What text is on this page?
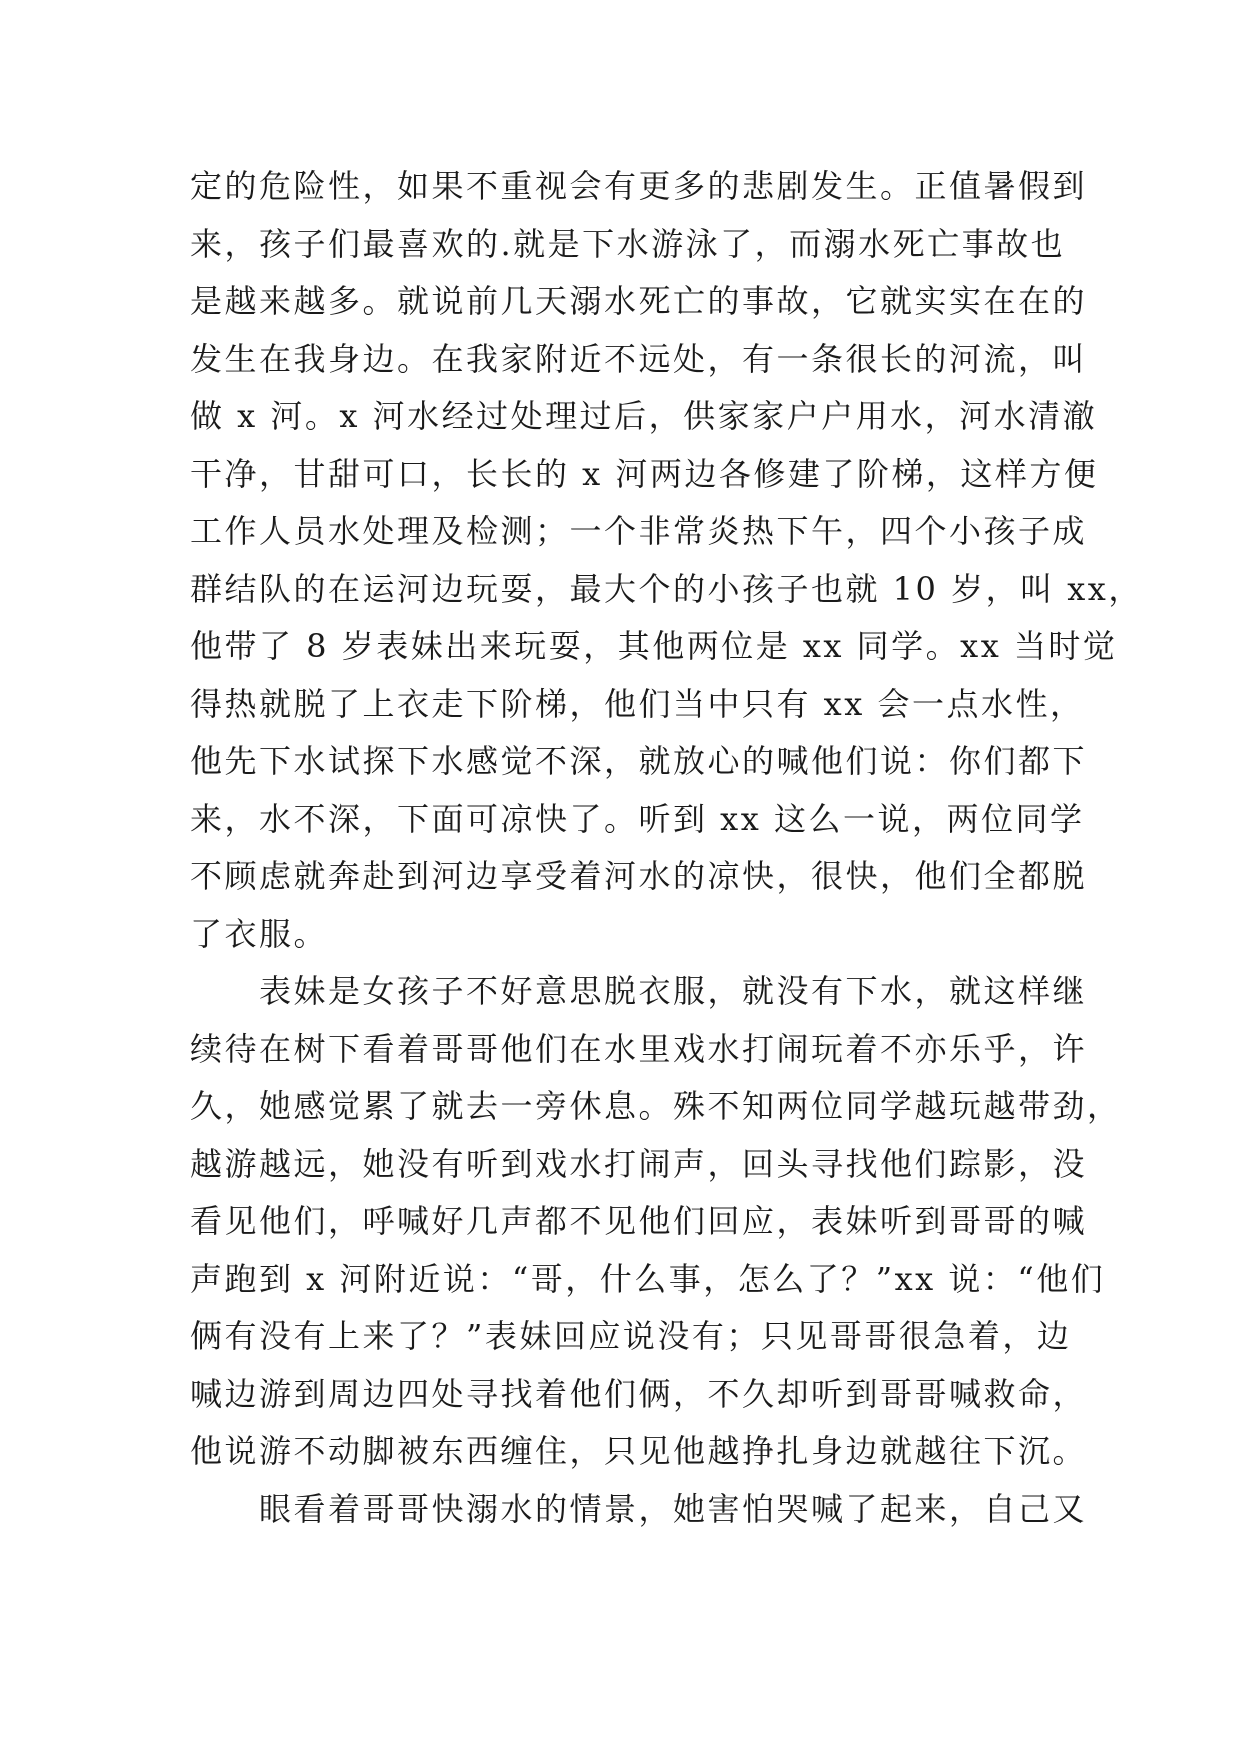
定的危险性，如果不重视会有更多的悲剧发生。正值暑假到
来，孩子们最喜欢的.就是下水游泳了，而溺水死亡事故也
是越来越多。就说前几天溺水死亡的事故，它就实实在在的
发生在我身边。在我家附近不远处，有一条很长的河流，叫
做 x 河。x 河水经过处理过后，供家家户户用水，河水清澈
干净，甘甜可口，长长的 x 河两边各修建了阶梯，这样方便
工作人员水处理及检测；一个非常炎热下午，四个小孩子成
群结队的在运河边玩耍，最大个的小孩子也就 10 岁，叫 xx，
他带了 8 岁表妹出来玩耍，其他两位是 xx 同学。xx 当时觉
得热就脱了上衣走下阶梯，他们当中只有 xx 会一点水性，
他先下水试探下水感觉不深，就放心的喊他们说：你们都下
来，水不深，下面可凉快了。听到 xx 这么一说，两位同学
不顾虑就奔赴到河边享受着河水的凉快，很快，他们全都脱
了衣服。

　　表妹是女孩子不好意思脱衣服，就没有下水，就这样继
续待在树下看着哥哥他们在水里戏水打闹玩着不亦乐乎，许
久，她感觉累了就去一旁休息。殊不知两位同学越玩越带劲，
越游越远，她没有听到戏水打闹声，回头寻找他们踪影，没
看见他们，呼喊好几声都不见他们回应，表妹听到哥哥的喊
声跑到 x 河附近说：“哥，什么事，怎么了？”xx 说：“他们
俩有没有上来了？”表妹回应说没有；只见哥哥很急着，边
喊边游到周边四处寻找着他们俩，不久却听到哥哥喊救命，
他说游不动脚被东西缠住，只见他越挣扎身边就越往下沉。

　　眼看着哥哥快溺水的情景，她害怕哭喊了起来，自己又
